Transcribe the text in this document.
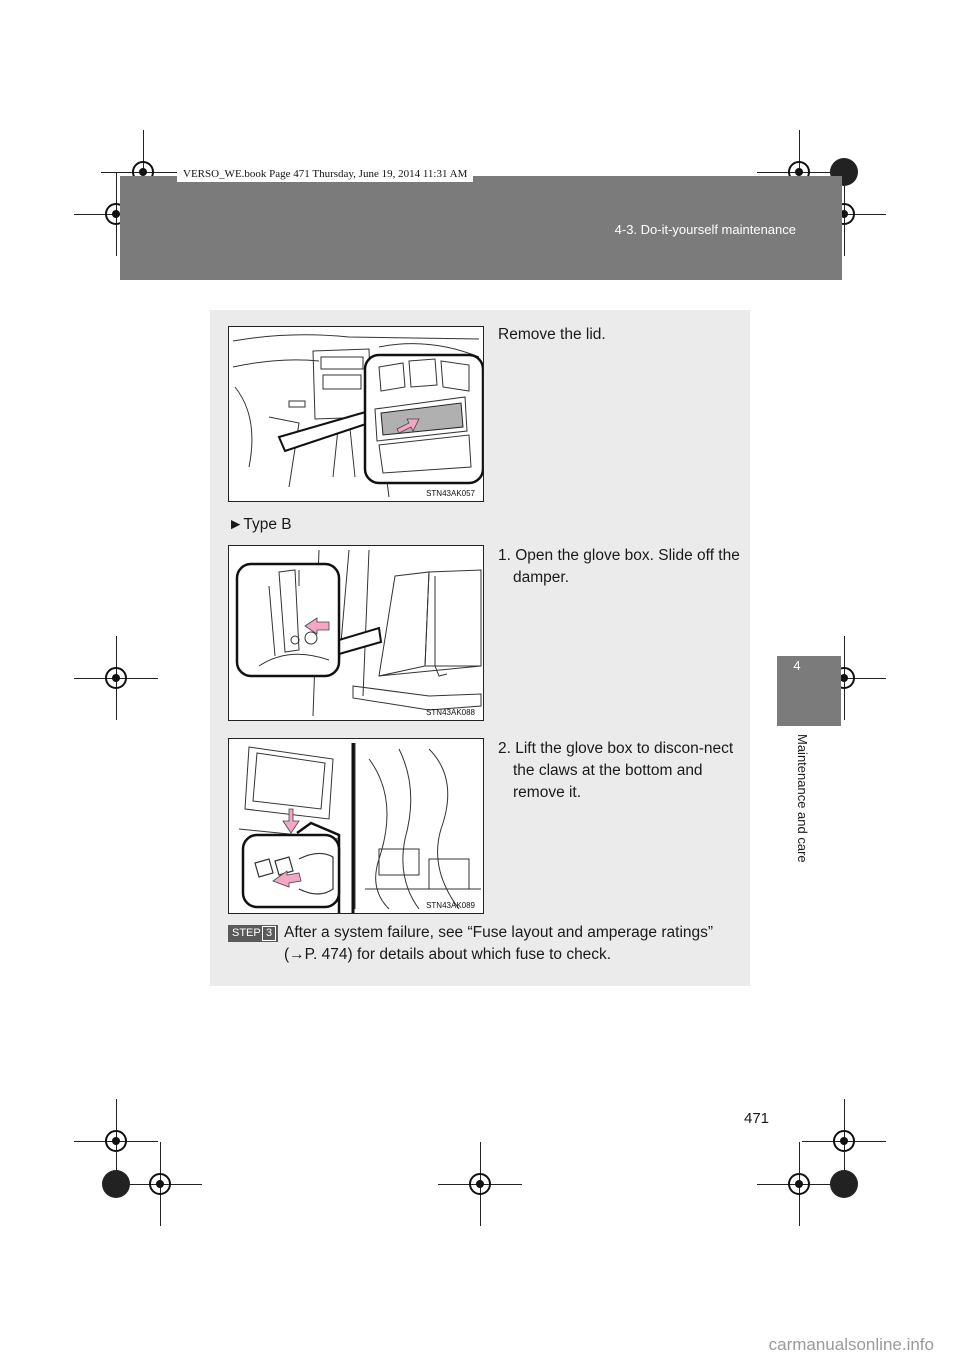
VERSO_WE.book Page 471 Thursday, June 19, 2014 11:31 AM
4-3. Do-it-yourself maintenance
4
Maintenance and care
STN43AK057
Remove the lid.
►Type B
STN43AK088
1. Open the glove box. Slide off the damper.
STN43AK089
2. Lift the glove box to discon-nect the claws at the bottom and remove it.
STEP 3 After a system failure, see “Fuse layout and amperage ratings” (→P. 474) for details about which fuse to check.
471
carmanualsonline.info
